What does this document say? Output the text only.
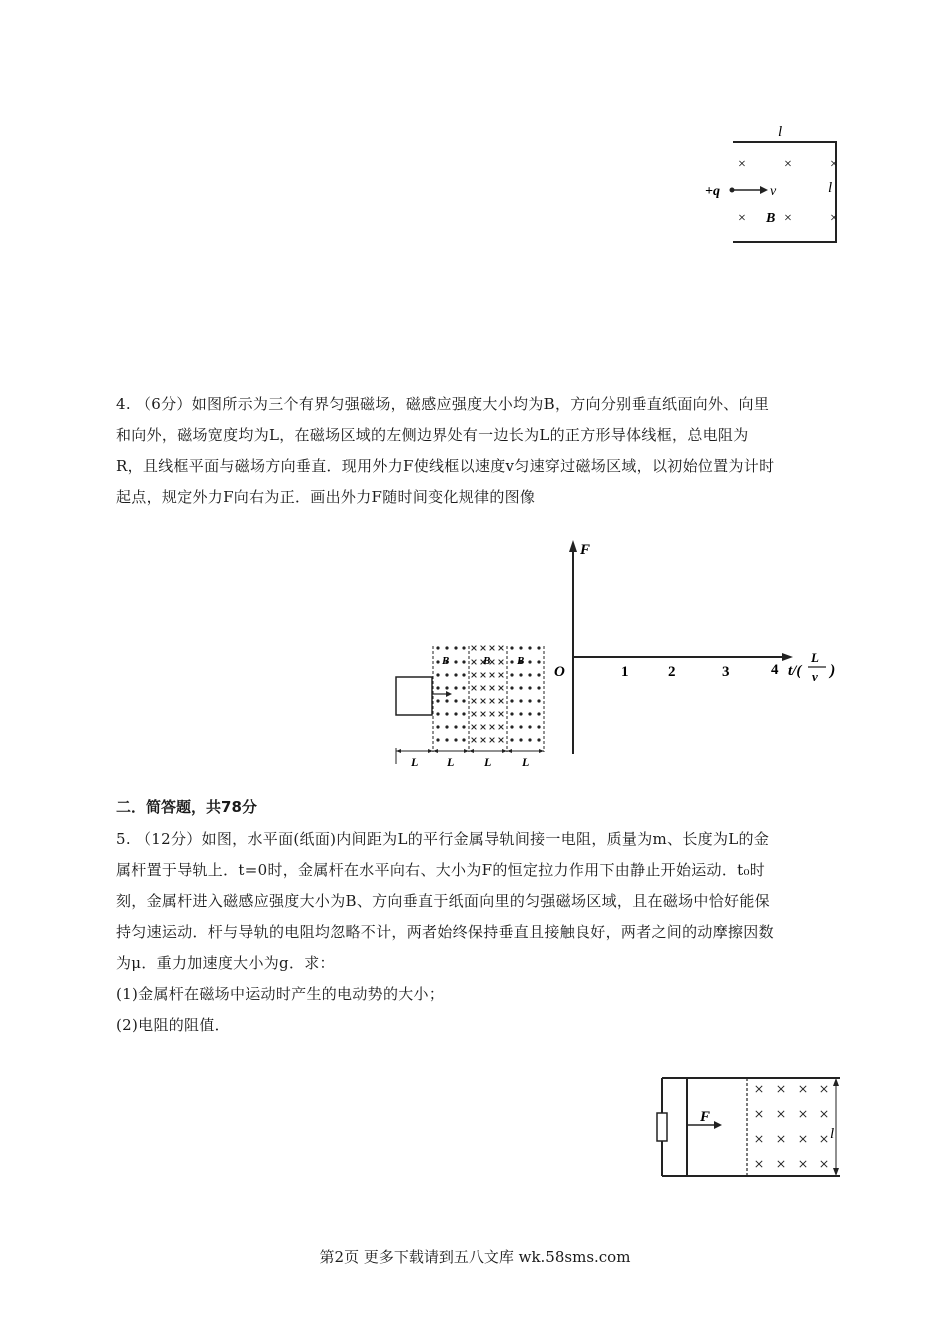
l
l
×	×	×
×	×	×
+q	v
B
4. （6分）如图所示为三个有界匀强磁场，磁感应强度大小均为B，方向分别垂直纸面向外、向里
和向外，磁场宽度均为L，在磁场区域的左侧边界处有一边长为L的正方形导体线框，总电阻为
R，且线框平面与磁场方向垂直．现用外力F使线框以速度v匀速穿过磁场区域，以初始位置为计时
起点，规定外力F向右为正．画出外力F随时间变化规律的图像
B	B B
L L L	L
F
O	1	2	3	4 t/(
L
v )
二．简答题，共78分
5. （12分）如图，水平面(纸面)内间距为L的平行金属导轨间接一电阻，质量为m、长度为L的金
属杆置于导轨上．t=0时，金属杆在水平向右、大小为F的恒定拉力作用下由静止开始运动．t₀时
刻，金属杆进入磁感应强度大小为B、方向垂直于纸面向里的匀强磁场区域，且在磁场中恰好能保
持匀速运动．杆与导轨的电阻均忽略不计，两者始终保持垂直且接触良好，两者之间的动摩擦因数
为μ．重力加速度大小为g．求：
(1)金属杆在磁场中运动时产生的电动势的大小；
(2)电阻的阻值．
F
l
第2页 更多下载请到五八文库 wk.58sms.com
